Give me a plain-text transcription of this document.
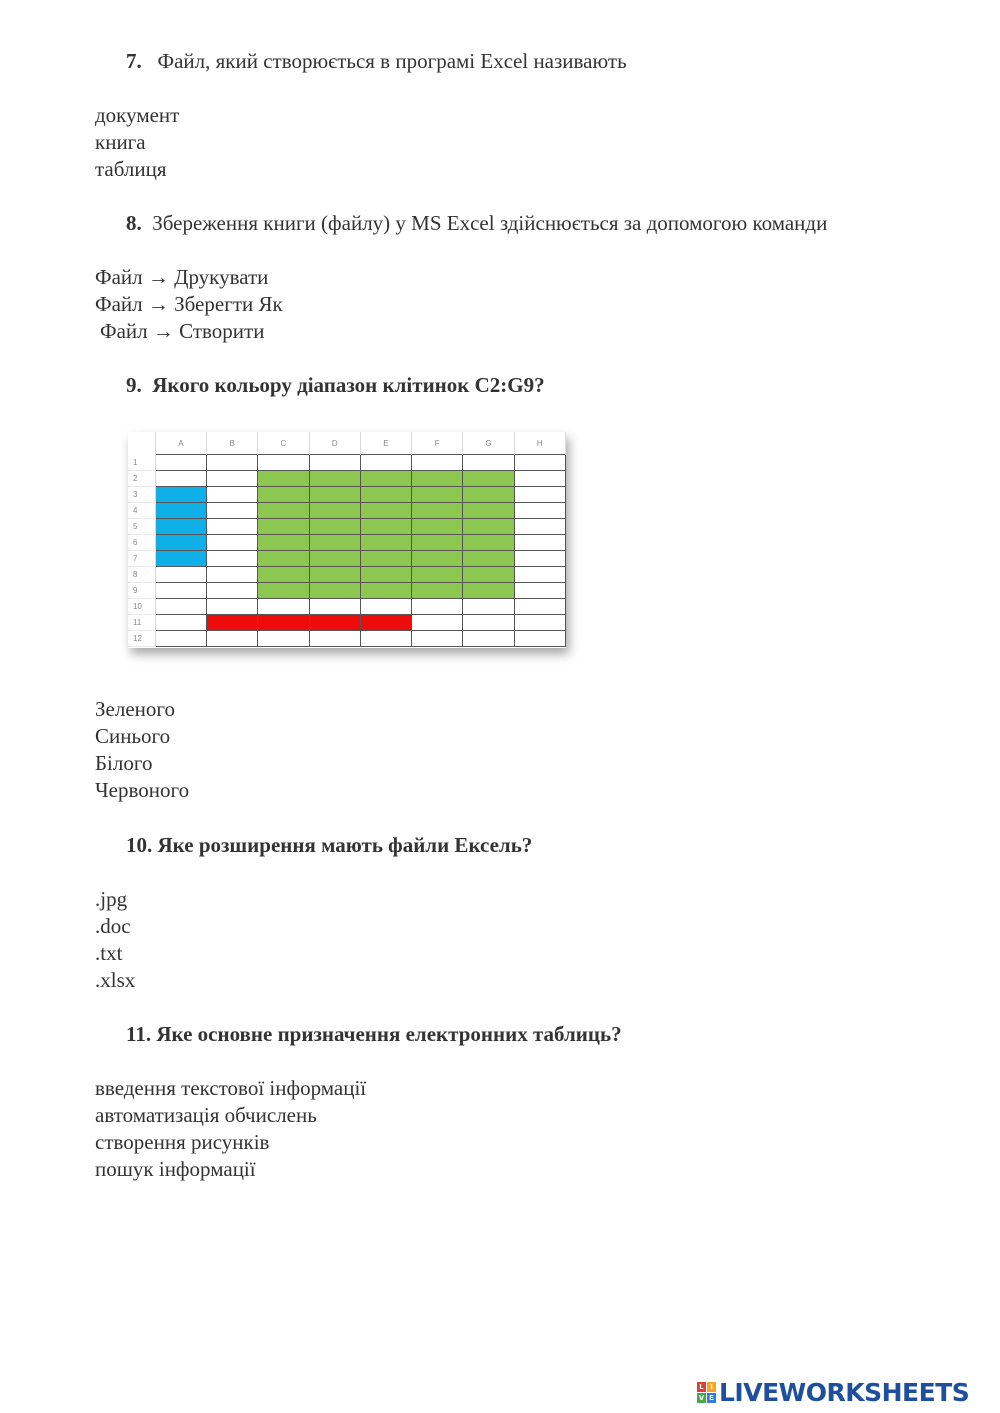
7. Файл, який створюється в програмі Excel називають
документ
книга
таблиця
8. Збереження книги (файлу) у MS Excel здійснюється за допомогою команди
Файл → Друкувати
Файл → Зберегти Як
Файл → Створити
9. Якого кольору діапазон клітинок C2:G9?
	A	B	C	D	E	F	G	H
1								
2								
3								
4								
5								
6								
7								
8								
9								
10								
11								
12								
Зеленого
Синього
Білого
Червоного
10. Яке розширення мають файли Ексель?
.jpg
.doc
.txt
.xlsx
11. Яке основне призначення електронних таблиць?
введення текстової інформації
автоматизація обчислень
створення рисунків
пошук інформації
L I
V E LIVEWORKSHEETS
